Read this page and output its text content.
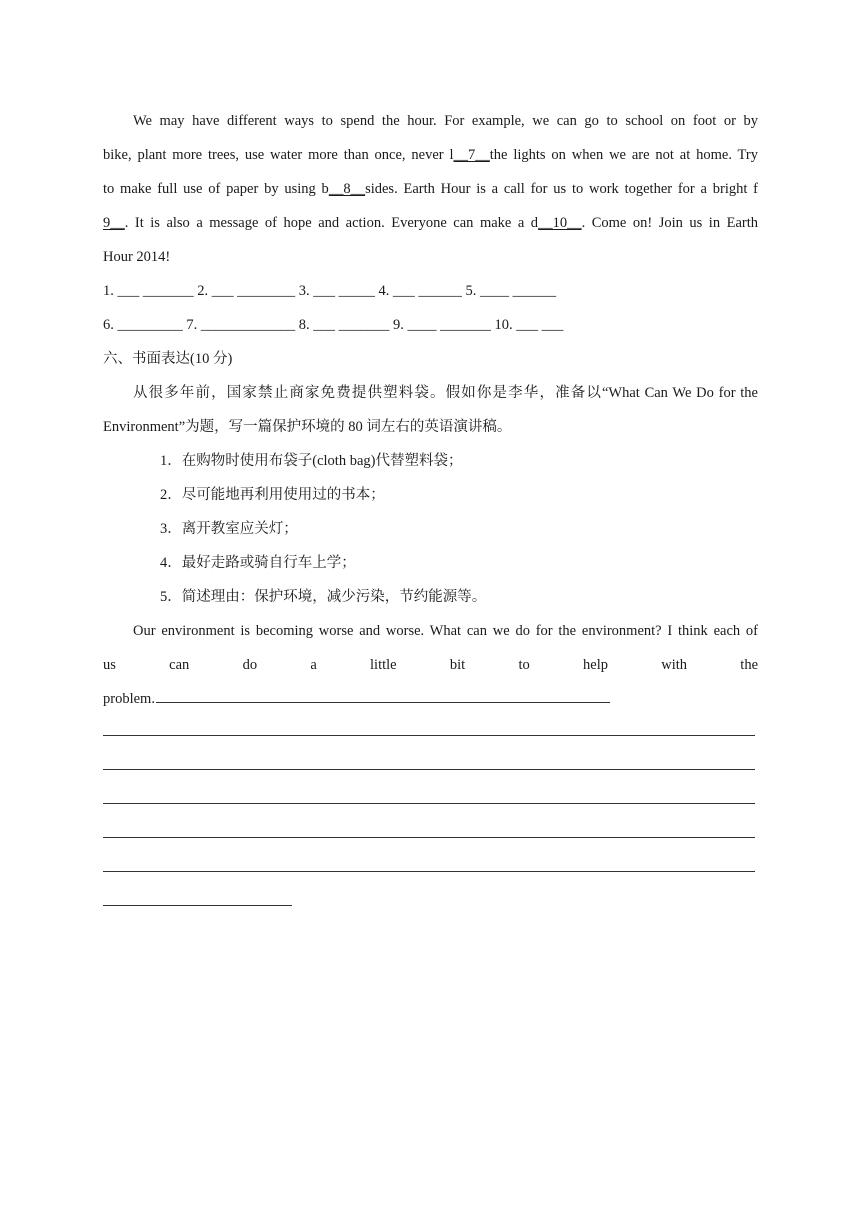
We may have different ways to spend the hour. For example, we can go to school on foot or by
bike, plant more trees, use water more than once, never l__7__the lights on when we are not at home. Try
to make full use of paper by using b__8__sides. Earth Hour is a call for us to work together for a bright f
9__. It is also a message of hope and action. Everyone can make a d__10__. Come on! Join us in Earth
Hour 2014!
1. ___ _______ 2. ___ ________ 3. ___ _____ 4. ___ ______ 5. ____ ______
6. _________ 7. _____________ 8. ___ _______ 9. ____ _______ 10. ___ ___
六、书面表达(10 分)
从很多年前，国家禁止商家免费提供塑料袋。假如你是李华，准备以“What Can We Do for the
Environment”为题，写一篇保护环境的 80 词左右的英语演讲稿。
1．在购物时使用布袋子(cloth bag)代替塑料袋；
2．尽可能地再利用使用过的书本；
3．离开教室应关灯；
4．最好走路或骑自行车上学；
5．简述理由：保护环境，减少污染，节约能源等。
Our environment is becoming worse and worse. What can we do for the environment? I think each of
us	can	do	a	little	bit	to	help	with	the
problem.
